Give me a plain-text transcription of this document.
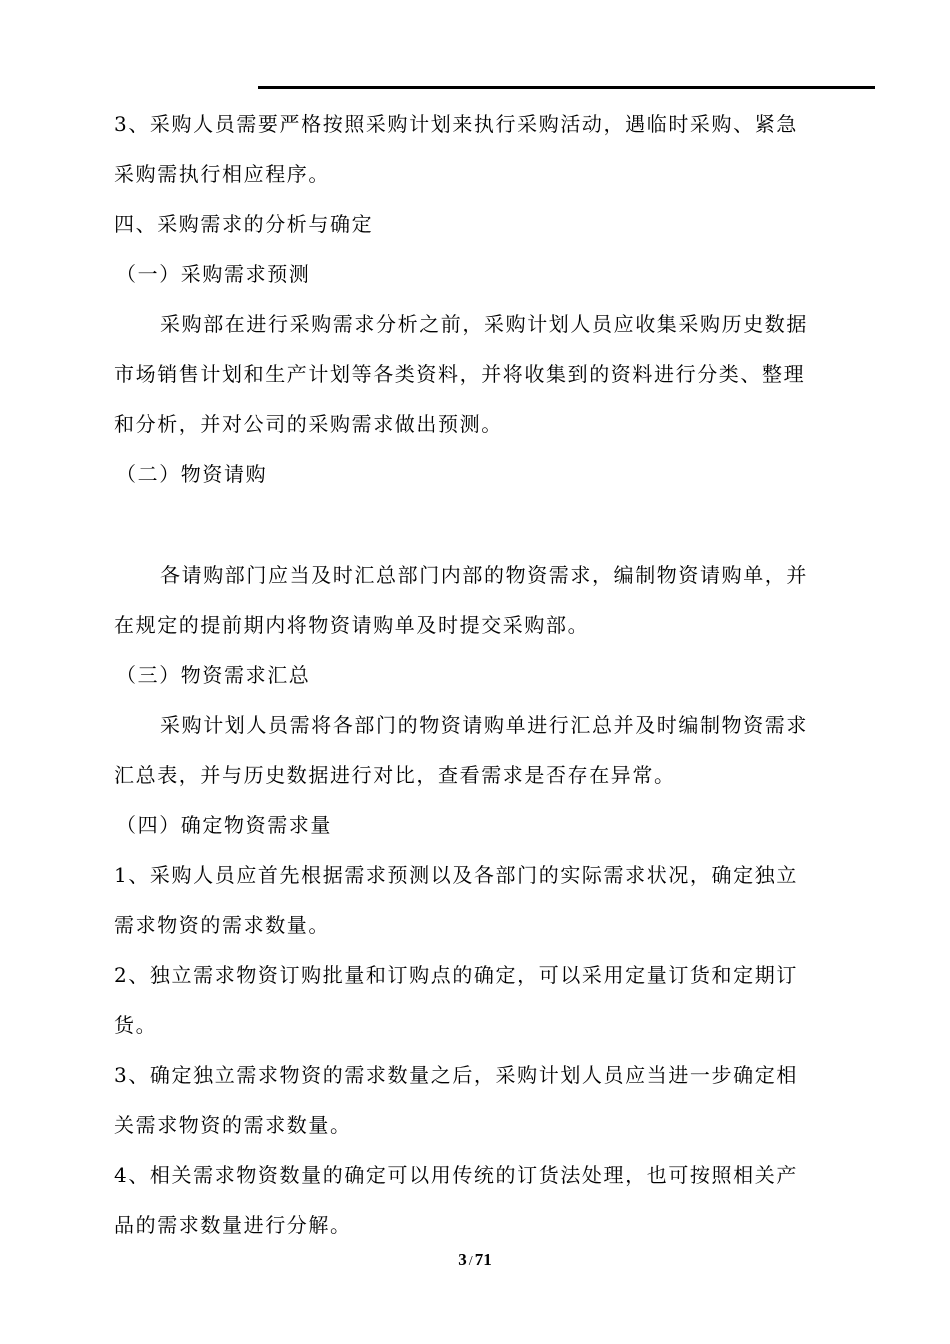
3、采购人员需要严格按照采购计划来执行采购活动，遇临时采购、紧急
采购需执行相应程序。
四、采购需求的分析与确定
（一）采购需求预测
采购部在进行采购需求分析之前，采购计划人员应收集采购历史数据
市场销售计划和生产计划等各类资料，并将收集到的资料进行分类、整理
和分析，并对公司的采购需求做出预测。
（二）物资请购
各请购部门应当及时汇总部门内部的物资需求，编制物资请购单，并
在规定的提前期内将物资请购单及时提交采购部。
（三）物资需求汇总
采购计划人员需将各部门的物资请购单进行汇总并及时编制物资需求
汇总表，并与历史数据进行对比，查看需求是否存在异常。
（四）确定物资需求量
1、采购人员应首先根据需求预测以及各部门的实际需求状况，确定独立
需求物资的需求数量。
2、独立需求物资订购批量和订购点的确定，可以采用定量订货和定期订
货。
3、确定独立需求物资的需求数量之后，采购计划人员应当进一步确定相
关需求物资的需求数量。
4、相关需求物资数量的确定可以用传统的订货法处理，也可按照相关产
品的需求数量进行分解。
3 / 71
